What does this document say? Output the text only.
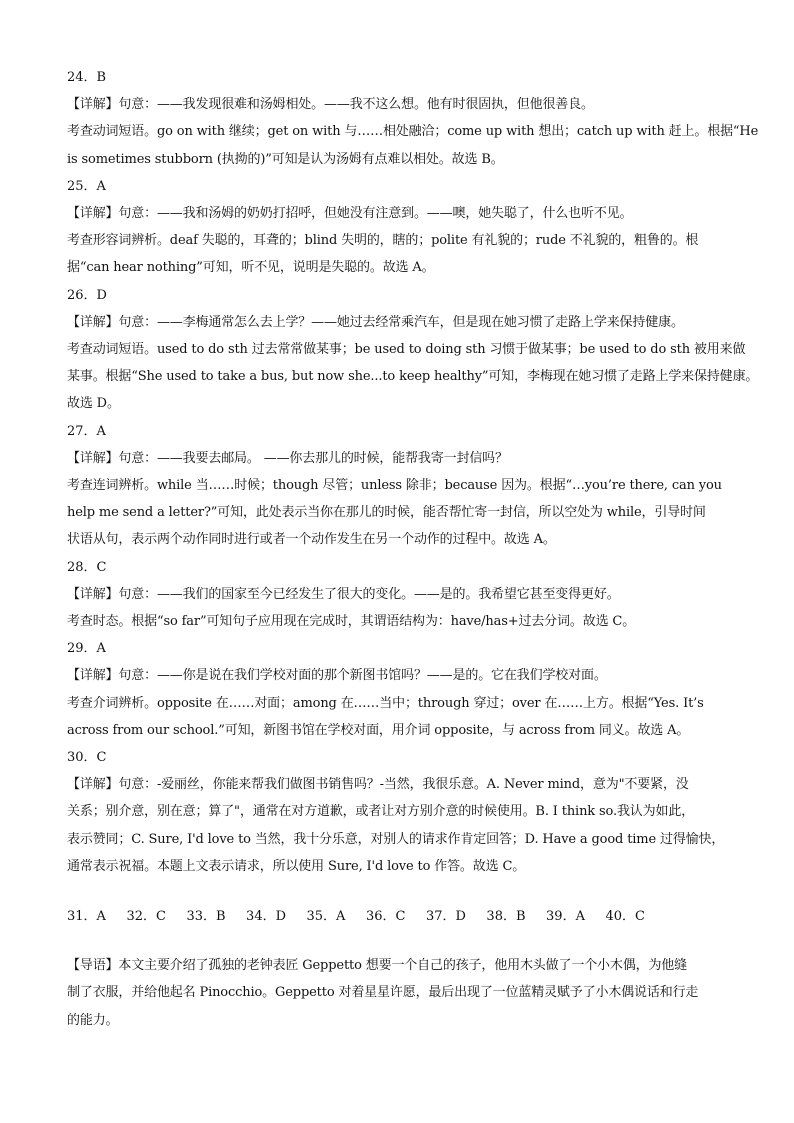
24．B
【详解】句意：——我发现很难和汤姆相处。——我不这么想。他有时很固执，但他很善良。
考查动词短语。go on with 继续；get on with 与……相处融洽；come up with 想出；catch up with 赶上。根据“He
is sometimes stubborn (执拗的)”可知是认为汤姆有点难以相处。故选 B。
25．A
【详解】句意：——我和汤姆的奶奶打招呼，但她没有注意到。——噢，她失聪了，什么也听不见。
考查形容词辨析。deaf 失聪的，耳聋的；blind 失明的，瞎的；polite 有礼貌的；rude 不礼貌的，粗鲁的。根
据“can hear nothing”可知，听不见，说明是失聪的。故选 A。
26．D
【详解】句意：——李梅通常怎么去上学？——她过去经常乘汽车，但是现在她习惯了走路上学来保持健康。
考查动词短语。used to do sth 过去常常做某事；be used to doing sth 习惯于做某事；be used to do sth 被用来做
某事。根据“She used to take a bus, but now she...to keep healthy”可知，李梅现在她习惯了走路上学来保持健康。
故选 D。
27．A
【详解】句意：——我要去邮局。 ——你去那儿的时候，能帮我寄一封信吗？
考查连词辨析。while 当……时候；though 尽管；unless 除非；because 因为。根据“…you’re there, can you
help me send a letter?”可知，此处表示当你在那儿的时候，能否帮忙寄一封信，所以空处为 while，引导时间
状语从句，表示两个动作同时进行或者一个动作发生在另一个动作的过程中。故选 A。
28．C
【详解】句意：——我们的国家至今已经发生了很大的变化。——是的。我希望它甚至变得更好。
考查时态。根据“so far”可知句子应用现在完成时，其谓语结构为：have/has+过去分词。故选 C。
29．A
【详解】句意：——你是说在我们学校对面的那个新图书馆吗？——是的。它在我们学校对面。
考查介词辨析。opposite 在……对面；among 在……当中；through 穿过；over 在……上方。根据“Yes. It’s
across from our school.”可知，新图书馆在学校对面，用介词 opposite，与 across from 同义。故选 A。
30．C
【详解】句意：-爱丽丝，你能来帮我们做图书销售吗？-当然，我很乐意。A. Never mind，意为"不要紧，没
关系；别介意，别在意；算了"，通常在对方道歉，或者让对方别介意的时候使用。B. I think so.我认为如此，
表示赞同；C. Sure, I'd love to 当然，我十分乐意，对别人的请求作肯定回答；D. Have a good time 过得愉快，
通常表示祝福。本题上文表示请求，所以使用 Sure, I'd love to 作答。故选 C。
31．A 32．C 33．B 34．D 35．A 36．C 37．D 38．B 39．A 40．C
【导语】本文主要介绍了孤独的老钟表匠 Geppetto 想要一个自己的孩子，他用木头做了一个小木偶，为他缝
制了衣服，并给他起名 Pinocchio。Geppetto 对着星星许愿，最后出现了一位蓝精灵赋予了小木偶说话和行走
的能力。
